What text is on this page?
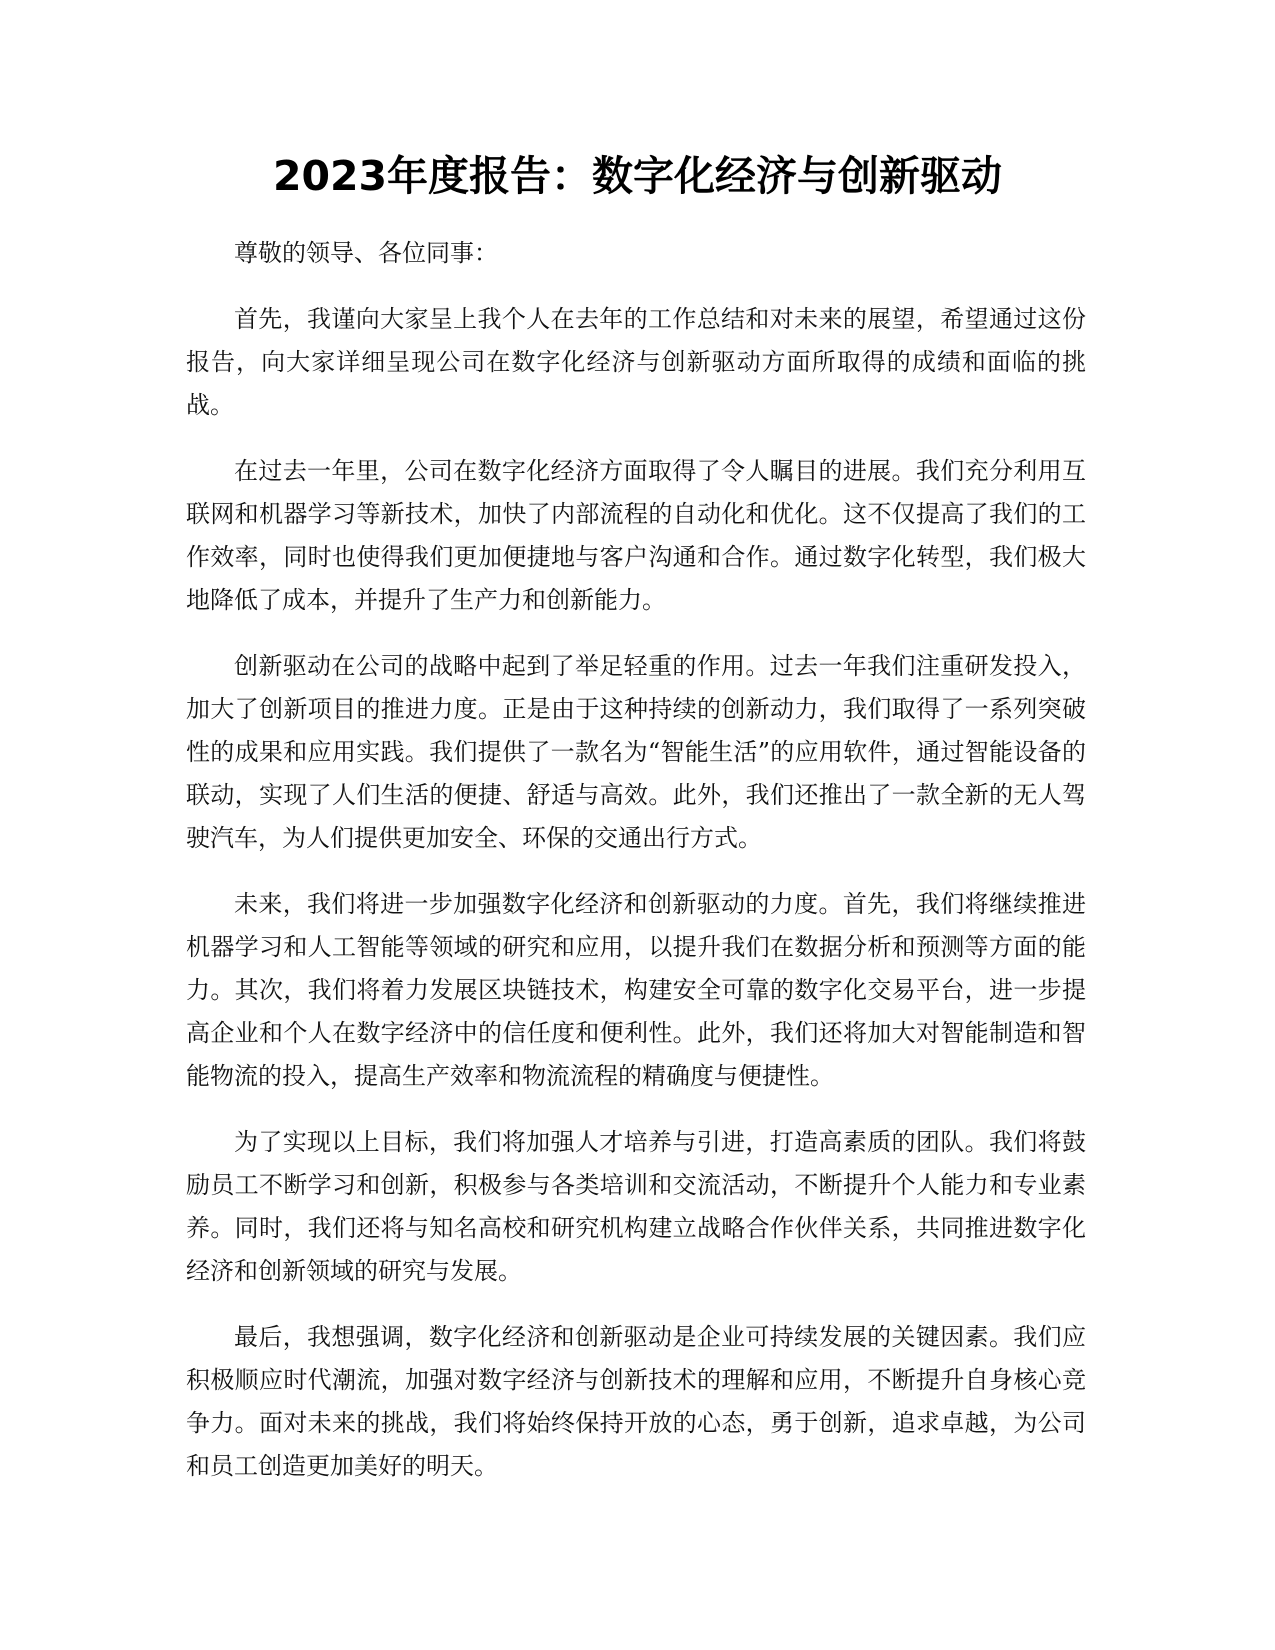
2023年度报告：数字化经济与创新驱动

尊敬的领导、各位同事：

首先，我谨向大家呈上我个人在去年的工作总结和对未来的展望，希望通过这份报告，向大家详细呈现公司在数字化经济与创新驱动方面所取得的成绩和面临的挑战。

在过去一年里，公司在数字化经济方面取得了令人瞩目的进展。我们充分利用互联网和机器学习等新技术，加快了内部流程的自动化和优化。这不仅提高了我们的工作效率，同时也使得我们更加便捷地与客户沟通和合作。通过数字化转型，我们极大地降低了成本，并提升了生产力和创新能力。

创新驱动在公司的战略中起到了举足轻重的作用。过去一年我们注重研发投入，加大了创新项目的推进力度。正是由于这种持续的创新动力，我们取得了一系列突破性的成果和应用实践。我们提供了一款名为“智能生活”的应用软件，通过智能设备的联动，实现了人们生活的便捷、舒适与高效。此外，我们还推出了一款全新的无人驾驶汽车，为人们提供更加安全、环保的交通出行方式。

未来，我们将进一步加强数字化经济和创新驱动的力度。首先，我们将继续推进机器学习和人工智能等领域的研究和应用，以提升我们在数据分析和预测等方面的能力。其次，我们将着力发展区块链技术，构建安全可靠的数字化交易平台，进一步提高企业和个人在数字经济中的信任度和便利性。此外，我们还将加大对智能制造和智能物流的投入，提高生产效率和物流流程的精确度与便捷性。

为了实现以上目标，我们将加强人才培养与引进，打造高素质的团队。我们将鼓励员工不断学习和创新，积极参与各类培训和交流活动，不断提升个人能力和专业素养。同时，我们还将与知名高校和研究机构建立战略合作伙伴关系，共同推进数字化经济和创新领域的研究与发展。

最后，我想强调，数字化经济和创新驱动是企业可持续发展的关键因素。我们应积极顺应时代潮流，加强对数字经济与创新技术的理解和应用，不断提升自身核心竞争力。面对未来的挑战，我们将始终保持开放的心态，勇于创新，追求卓越，为公司和员工创造更加美好的明天。
